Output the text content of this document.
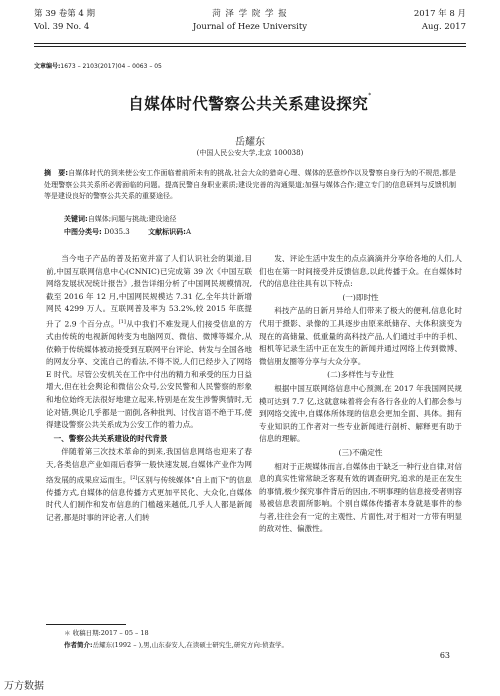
第 39 卷第 4 期	菏 泽 学 院 学 报	2017 年 8 月
Vol. 39 No. 4	Journal of Heze University	Aug. 2017
文章编号:1673 – 2103(2017)04 – 0063 – 05
自媒体时代警察公共关系建设探究*
岳耀东
(中国人民公安大学,北京 100038)
摘　要:自媒体时代的到来使公安工作面临着前所未有的挑战,社会大众的猎奇心理、媒体的恶意炒作以及警察自身行为的不规范,都是处理警察公共关系所必需面临的问题。提高民警自身职业素质;建设完善的沟通渠道;加强与媒体合作;建立专门的信息研判与反馈机制等是建设良好的警察公共关系的重要途径。
关键词:自媒体;问题与挑战;建设途径
中图分类号: D035.3	文献标识码:A

当今电子产品的普及拓宽并富了人们认识社会的渠道,目前,中国互联网信息中心(CNNIC)已完成第 39 次《中国互联网络发展状况统计报告》,报告详细分析了中国网民规模情况,截至 2016 年 12 月,中国网民规模达 7.31 亿,全年共计新增网民 4299 万人。互联网普及率为 53.2%,较 2015 年底提升了 2.9 个百分点。[1]从中我们不难发现人们接受信息的方式由传统的电视新闻转变为电脑网页、微信、微博等媒介,从依赖于传统媒体被动接受到互联网平台评论、转发与全国各地的网友分享、交流自己的看法,不得不说,人们已经步入了网络 E 时代。尽管公安机关在工作中付出的精力和承受的压力日益增大,但在社会舆论和微信公众号,公安民警和人民警察的形象和地位始终无法很好地建立起来,特别是在发生涉警舆情时,无论对错,舆论几乎都是一面倒,各种批判、讨伐言语不绝于耳,使得建设警察公共关系成为公安工作的着力点。

一、警察公共关系建设的时代背景

伴随着第三次技术革命的到来,我国信息网络也迎来了春天,各类信息产业如雨后春笋一般快速发展,自媒体产业作为网络发展的成果应运而生。[2]区别与传统媒体"自上而下"的信息传播方式,自媒体的信息传播方式更加平民化、大众化,自媒体时代人们制作和发布信息的门槛越来越低,几乎人人都是新闻记者,都是时事的评论者,人们转

发、评论生活中发生的点点滴滴并分享给各地的人们,人们也在第一时间接受并反馈信息,以此传播于众。在自媒体时代的信息往往具有以下特点:

(一)即时性

科技产品的日新月异给人们带来了极大的便利,信息化时代用于摄影、录像的工具逐步由原来纸储存、大体积演变为现在的高储量、低重量的高科技产品,人们通过手中的手机、相机等记录生活中正在发生的新闻并通过网络上传到微博、微信朋友圈等分享与大众分享。

(二)多样性与专业性

根据中国互联网络信息中心预测,在 2017 年我国网民规模可达到 7.7 亿,这就意味着将会有各行各业的人们都会参与到网络交流中,自媒体所体现的信息会更加全面、具体。拥有专业知识的工作者对一些专业新闻进行剖析、解释更有助于信息的理解。

(三)不确定性

相对于正规媒体而言,自媒体由于缺乏一种行业自律,对信息的真实性常常缺乏客观有效的调查研究,追求的是正在发生的事情,极少探究事件背后的因由,不明事理的信息接受者则容易被信息表面所影响。个别自媒体传播者本身就是事件的参与者,往往会有一定的主观性、片面性,对于相对一方带有明显的敌对性、偏激性。

＊ 收稿日期:2017 – 05 – 18
作者简介:岳耀东(1992 – ),男,山东泰安人,在读硕士研究生,研究方向:侦查学。
63
万方数据
